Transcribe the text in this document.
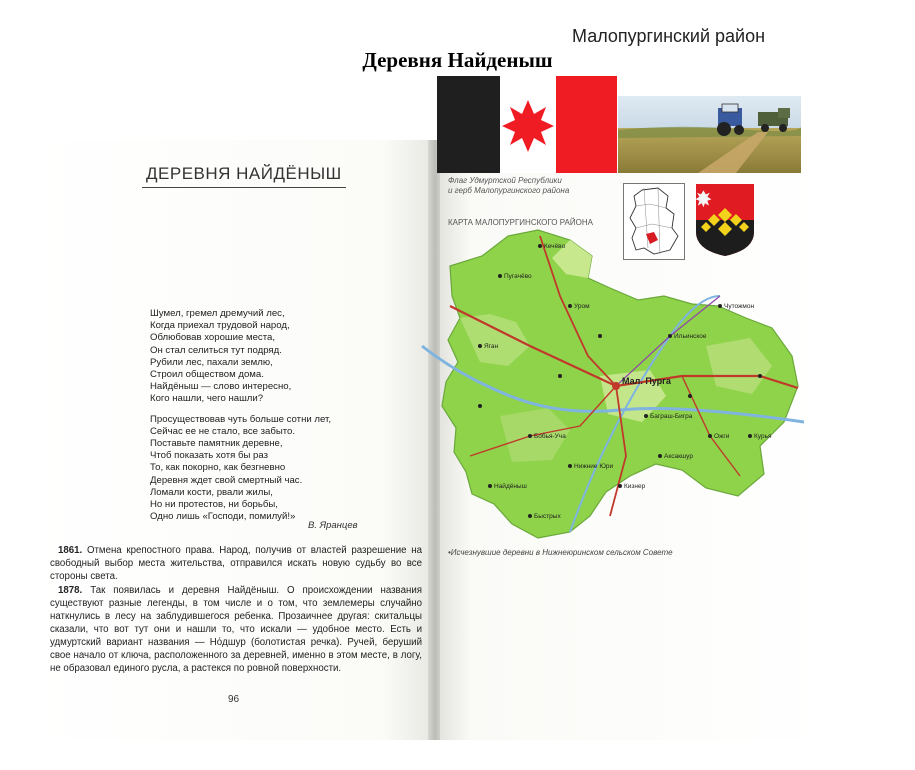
Деревня Найденыш
ДЕРЕВНЯ НАЙДЁНЫШ
Шумел, гремел дремучий лес,
Когда приехал трудовой народ,
Облюбовав хорошие места,
Он стал селиться тут подряд.
Рубили лес, пахали землю,
Строил обществом дома.
Найдёныш — слово интересно,
Кого нашли, чего нашли?
Просуществовав чуть больше сотни лет,
Сейчас ее не стало, все забыто.
Поставьте памятник деревне,
Чтоб показать хотя бы раз
То, как покорно, как безгневно
Деревня ждет свой смертный час.
Ломали кости, рвали жилы,
Но ни протестов, ни борьбы,
Одно лишь «Господи, помилуй!»
В. Яранцев

1861. Отмена крепостного права. Народ, получив от властей разрешение на свободный выбор места жительства, отправился искать новую судьбу во все стороны света.

1878. Так появилась и деревня Найдёныш. О происхождении названия существуют разные легенды, в том числе и о том, что землемеры случайно наткнулись в лесу на заблудившегося ребенка. Прозаичнее другая: скитальцы сказали, что вот тут они и нашли то, что искали — удобное место. Есть и удмуртский вариант названия — Нόдшур (болотистая речка). Ручей, беруший свое начало от ключа, расположенного за деревней, именно в этом месте, в логу, не образовал единого русла, а растекся по ровной поверхности.

96
Малопургинский район
Флаг Удмуртской Республики
и герб Малопургинского района
КАРТА МАЛОПУРГИНСКОГО РАЙОНА
Мал. Пурга
Кечёво
Пугачёво
Яган
Уром
Ильинское
Бобья-Уча
Баграш-Бигра
Ожги
Нижние Юри
Быстрых
Курья
Аксакшур
Найдёныш	Кизнер
Чутожмон
•Исчезнувшие деревни в Нижнеюринском сельском Совете
